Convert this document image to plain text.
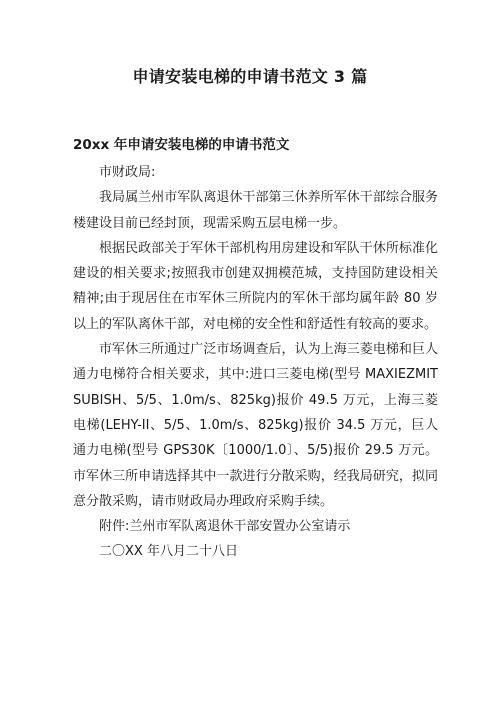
申请安装电梯的申请书范文 3 篇
20xx 年申请安装电梯的申请书范文

市财政局:

我局属兰州市军队离退休干部第三休养所军休干部综合服务楼建设目前已经封顶，现需采购五层电梯一步。

根据民政部关于军休干部机构用房建设和军队干休所标准化建设的相关要求;按照我市创建双拥模范城，支持国防建设相关精神;由于现居住在市军休三所院内的军休干部均属年龄 80 岁以上的军队离休干部，对电梯的安全性和舒适性有较高的要求。

市军休三所通过广泛市场调查后，认为上海三菱电梯和巨人通力电梯符合相关要求，其中:进口三菱电梯(型号 MAXIEZMITSUBISH、5/5、1.0m/s、825kg)报价 49.5 万元，上海三菱电梯(LEHY-II、5/5、1.0m/s、825kg)报价 34.5 万元，巨人通力电梯(型号 GPS30K〔1000/1.0〕、5/5)报价 29.5 万元。市军休三所申请选择其中一款进行分散采购，经我局研究，拟同意分散采购，请市财政局办理政府采购手续。

附件:兰州市军队离退休干部安置办公室请示

二〇XX 年八月二十八日
